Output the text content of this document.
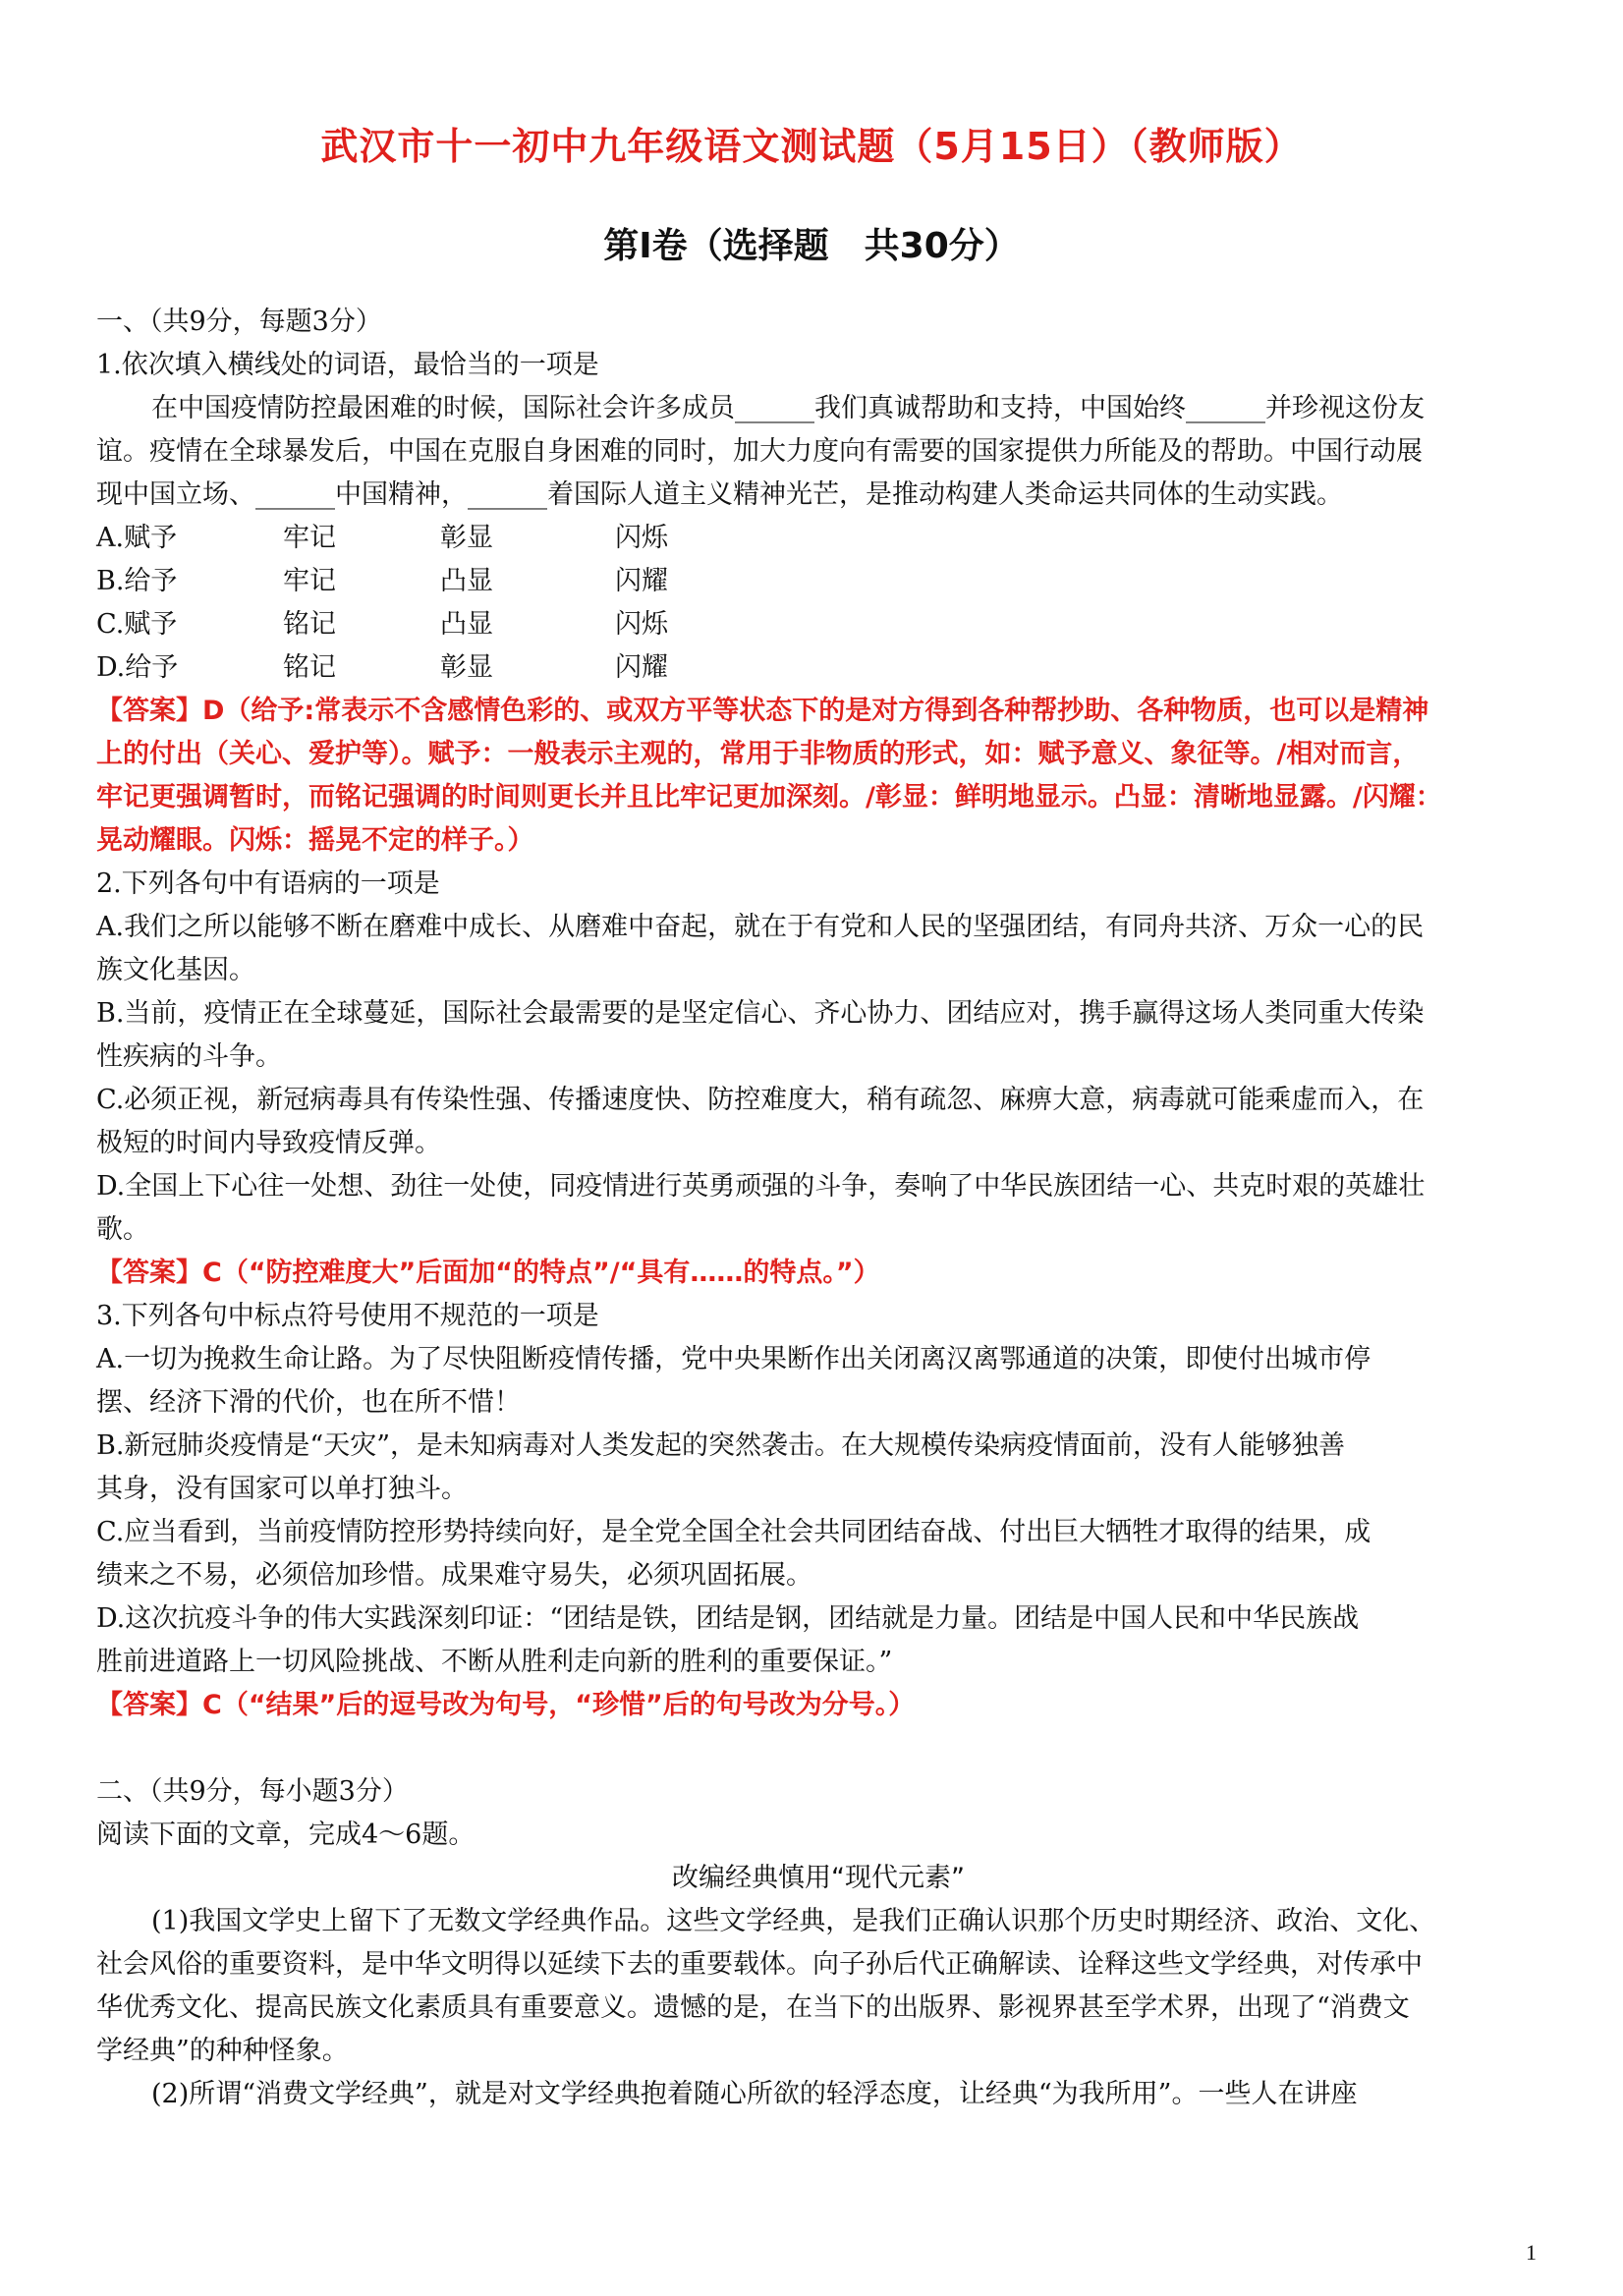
武汉市十一初中九年级语文测试题（5月15日）（教师版）
第Ⅰ卷（选择题　共30分）
一、（共9分，每题3分）
1.依次填入横线处的词语，最恰当的一项是
在中国疫情防控最困难的时候，国际社会许多成员______我们真诚帮助和支持，中国始终______并珍视这份友
谊。疫情在全球暴发后，中国在克服自身困难的同时，加大力度向有需要的国家提供力所能及的帮助。中国行动展
现中国立场、______中国精神，______着国际人道主义精神光芒，是推动构建人类命运共同体的生动实践。
A.赋予	牢记	彰显	闪烁
B.给予	牢记	凸显	闪耀
C.赋予	铭记	凸显	闪烁
D.给予	铭记	彰显	闪耀
【答案】D（给予:常表示不含感情色彩的、或双方平等状态下的是对方得到各种帮抄助、各种物质，也可以是精神
上的付出（关心、爱护等）。赋予：一般表示主观的，常用于非物质的形式，如：赋予意义、象征等。/相对而言，
牢记更强调暂时，而铭记强调的时间则更长并且比牢记更加深刻。/彰显：鲜明地显示。凸显：清晰地显露。/闪耀：
晃动耀眼。闪烁：摇晃不定的样子。）
2.下列各句中有语病的一项是
A.我们之所以能够不断在磨难中成长、从磨难中奋起，就在于有党和人民的坚强团结，有同舟共济、万众一心的民
族文化基因。
B.当前，疫情正在全球蔓延，国际社会最需要的是坚定信心、齐心协力、团结应对，携手赢得这场人类同重大传染
性疾病的斗争。
C.必须正视，新冠病毒具有传染性强、传播速度快、防控难度大，稍有疏忽、麻痹大意，病毒就可能乘虚而入，在
极短的时间内导致疫情反弹。
D.全国上下心往一处想、劲往一处使，同疫情进行英勇顽强的斗争，奏响了中华民族团结一心、共克时艰的英雄壮
歌。
【答案】C（“防控难度大”后面加“的特点”/“具有……的特点。”）
3.下列各句中标点符号使用不规范的一项是
A.一切为挽救生命让路。为了尽快阻断疫情传播，党中央果断作出关闭离汉离鄂通道的决策，即使付出城市停
摆、经济下滑的代价，也在所不惜！
B.新冠肺炎疫情是“天灾”，是未知病毒对人类发起的突然袭击。在大规模传染病疫情面前，没有人能够独善
其身，没有国家可以单打独斗。
C.应当看到，当前疫情防控形势持续向好，是全党全国全社会共同团结奋战、付出巨大牺牲才取得的结果，成
绩来之不易，必须倍加珍惜。成果难守易失，必须巩固拓展。
D.这次抗疫斗争的伟大实践深刻印证：“团结是铁，团结是钢，团结就是力量。团结是中国人民和中华民族战
胜前进道路上一切风险挑战、不断从胜利走向新的胜利的重要保证。”
【答案】C（“结果”后的逗号改为句号，“珍惜”后的句号改为分号。）
二、（共9分，每小题3分）
阅读下面的文章，完成4～6题。
改编经典慎用“现代元素”
(1)我国文学史上留下了无数文学经典作品。这些文学经典，是我们正确认识那个历史时期经济、政治、文化、
社会风俗的重要资料，是中华文明得以延续下去的重要载体。向子孙后代正确解读、诠释这些文学经典，对传承中
华优秀文化、提高民族文化素质具有重要意义。遗憾的是，在当下的出版界、影视界甚至学术界，出现了“消费文
学经典”的种种怪象。
(2)所谓“消费文学经典”，就是对文学经典抱着随心所欲的轻浮态度，让经典“为我所用”。一些人在讲座
1
